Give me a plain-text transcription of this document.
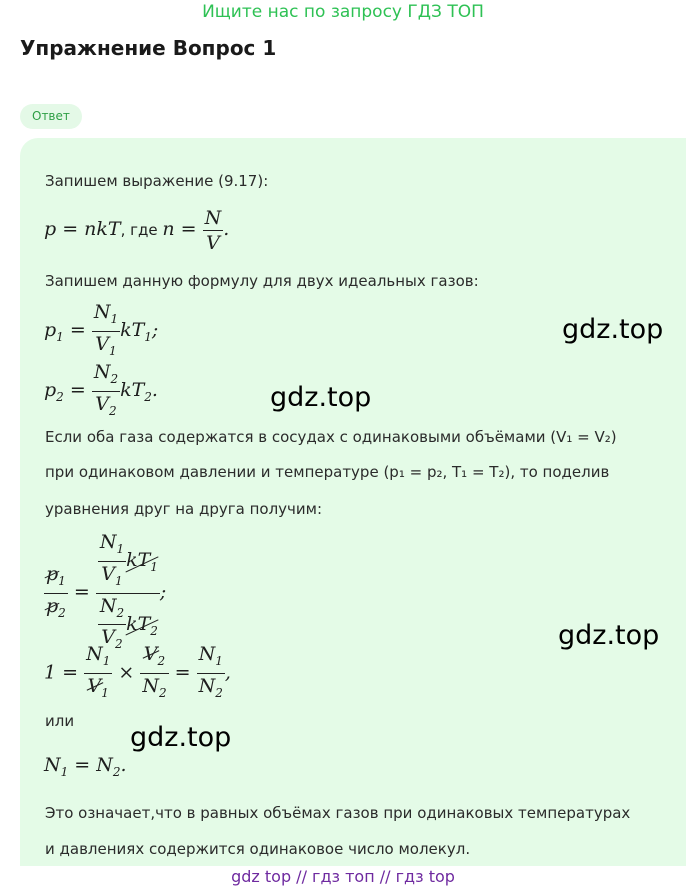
Ищите нас по запросу ГДЗ ТОП
Упражнение Вопрос 1
Ответ
Запишем выражение (9.17):
p = nkT, где $n = \frac{N}{V}$ .
Запишем данную формулу для двух идеальных газов:
$p_1 = \frac{N_1}{V_1} kT_1$;
$p_2 = \frac{N_2}{V_2} kT_2$.
Если оба газа содержатся в сосудах с одинаковыми объёмами (V₁ = V₂)
при одинаковом давлении и температуре (p₁ = p₂, T₁ = T₂), то поделив
уравнения друг на друга получим:
$\frac{p_1}{p_2} = \frac{\frac{N_1}{V_1} kT_1}{\frac{N_2}{V_2} kT_2}$ ;
$1 = \frac{N_1}{V_1} \times \frac{V_2}{N_2} = \frac{N_1}{N_2}$ ,
или
$N_1 = N_2$.
Это означает,что в равных объёмах газов при одинаковых температурах
и давлениях содержится одинаковое число молекул.
gdz.top
gdz.top
gdz.top
gdz.top
gdz top // гдз топ // гдз top
